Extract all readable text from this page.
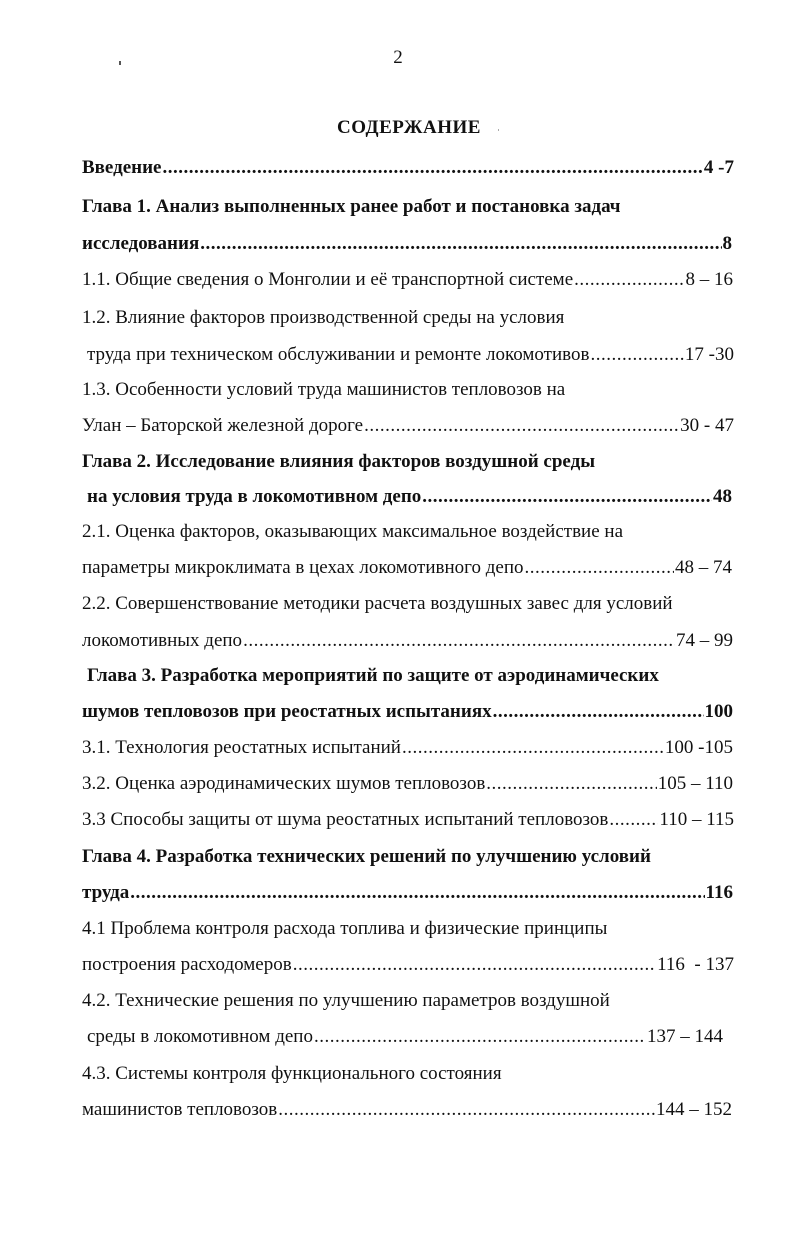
2
СОДЕРЖАНИЕ
Введение .....	4 -7
Глава 1. Анализ выполненных ранее работ и постановка задач
исследования .....	8
1.1. Общие сведения о Монголии и её транспортной системе .....	8 – 16
1.2. Влияние факторов производственной среды на условия
труда при техническом обслуживании и ремонте локомотивов .....	17 -30
1.3. Особенности условий труда машинистов тепловозов на
Улан – Баторской железной дороге .....	30 - 47
Глава 2. Исследование влияния факторов воздушной среды
на условия труда в локомотивном депо .....	48
2.1. Оценка факторов, оказывающих максимальное воздействие на
параметры микроклимата в цехах локомотивного депо .....	48 – 74
2.2. Совершенствование методики расчета воздушных завес для условий
локомотивных депо .....	74 – 99
Глава 3. Разработка мероприятий по защите от аэродинамических
шумов тепловозов при реостатных испытаниях .....	100
3.1. Технология реостатных испытаний .....	100 -105
3.2. Оценка аэродинамических шумов тепловозов .....	105 – 110
3.3 Способы защиты от шума реостатных испытаний тепловозов .....	110 – 115
Глава 4. Разработка технических решений по улучшению условий
труда .....	116
4.1 Проблема контроля расхода топлива и физические принципы
построения расходомеров .....	116  - 137
4.2. Технические решения по улучшению параметров воздушной
среды в локомотивном депо .....	137 – 144
4.3. Системы контроля функционального состояния
машинистов тепловозов .....	144 – 152
